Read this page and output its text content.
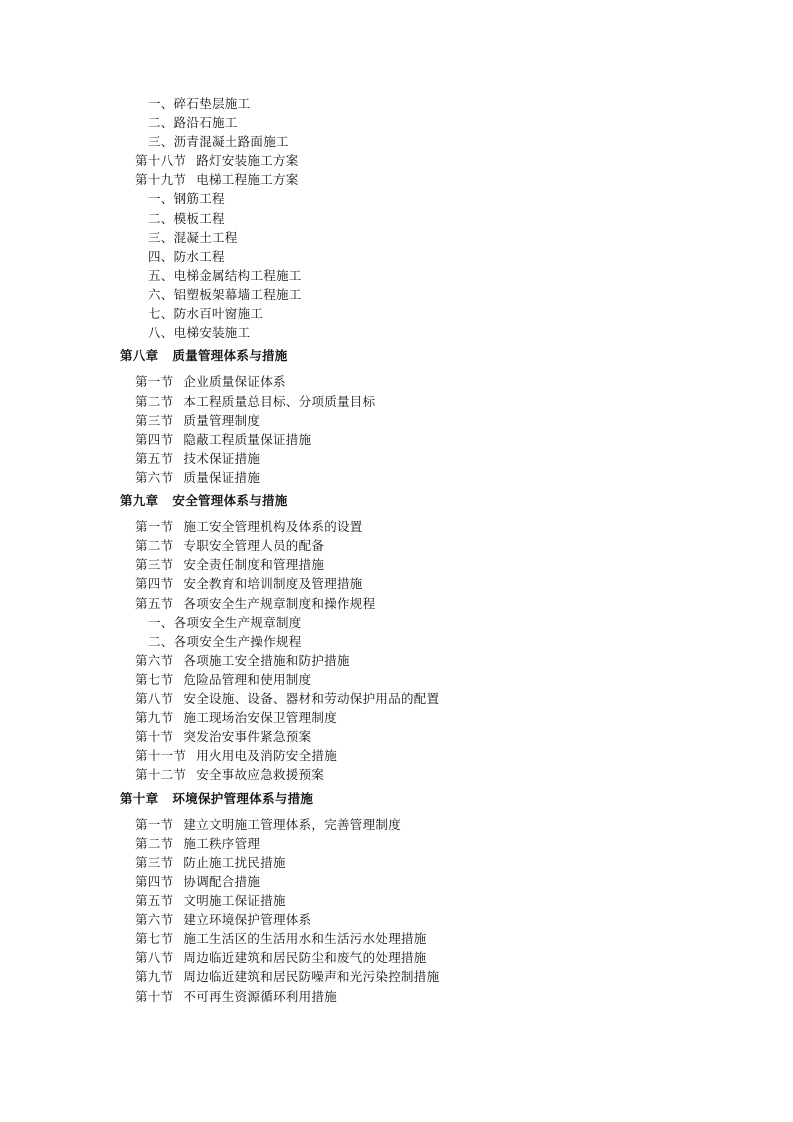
一、碎石垫层施工
二、路沿石施工
三、沥青混凝土路面施工
第十八节 路灯安装施工方案
第十九节 电梯工程施工方案
一、钢筋工程
二、模板工程
三、混凝土工程
四、防水工程
五、电梯金属结构工程施工
六、铝塑板架幕墙工程施工
七、防水百叶窗施工
八、电梯安装施工
第八章 质量管理体系与措施
第一节 企业质量保证体系
第二节 本工程质量总目标、分项质量目标
第三节 质量管理制度
第四节 隐蔽工程质量保证措施
第五节 技术保证措施
第六节 质量保证措施
第九章 安全管理体系与措施
第一节 施工安全管理机构及体系的设置
第二节 专职安全管理人员的配备
第三节 安全责任制度和管理措施
第四节 安全教育和培训制度及管理措施
第五节 各项安全生产规章制度和操作规程
一、各项安全生产规章制度
二、各项安全生产操作规程
第六节 各项施工安全措施和防护措施
第七节 危险品管理和使用制度
第八节 安全设施、设备、器材和劳动保护用品的配置
第九节 施工现场治安保卫管理制度
第十节 突发治安事件紧急预案
第十一节 用火用电及消防安全措施
第十二节 安全事故应急救援预案
第十章 环境保护管理体系与措施
第一节 建立文明施工管理体系，完善管理制度
第二节 施工秩序管理
第三节 防止施工扰民措施
第四节 协调配合措施
第五节 文明施工保证措施
第六节 建立环境保护管理体系
第七节 施工生活区的生活用水和生活污水处理措施
第八节 周边临近建筑和居民防尘和废气的处理措施
第九节 周边临近建筑和居民防噪声和光污染控制措施
第十节 不可再生资源循环利用措施
